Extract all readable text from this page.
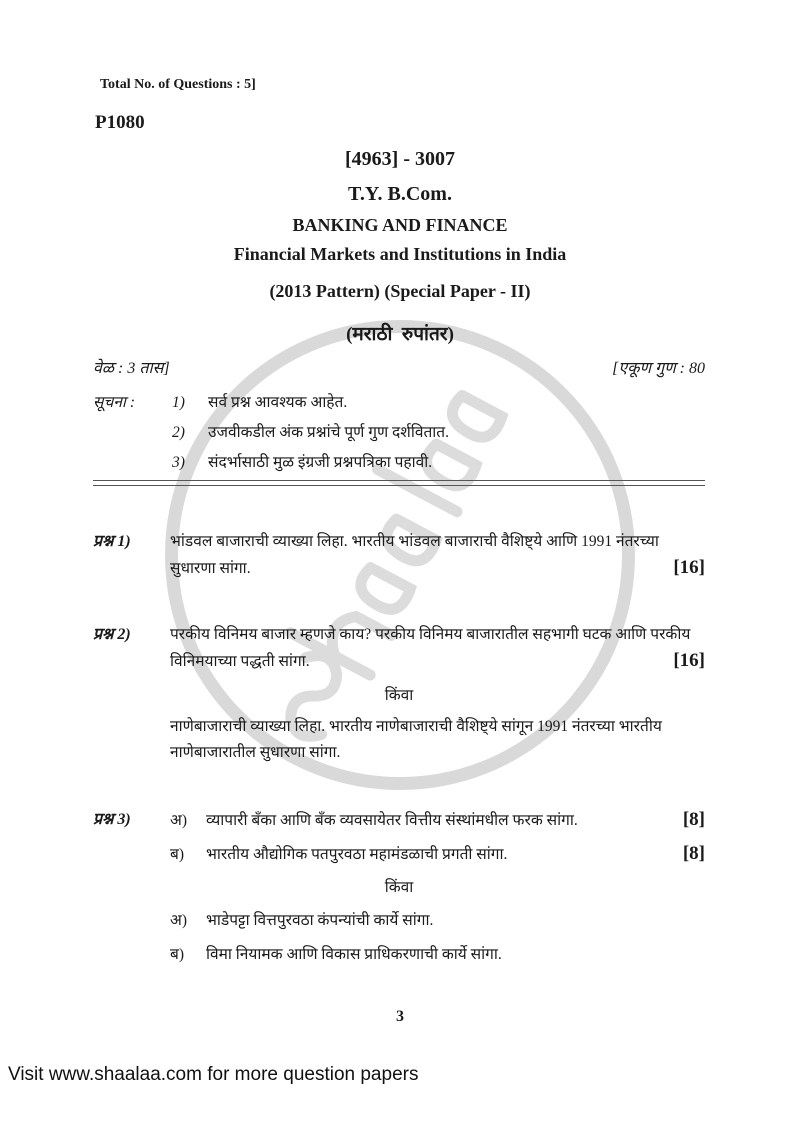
Total No. of Questions : 5]
P1080
[4963] - 3007
T.Y. B.Com.
BANKING AND FINANCE
Financial Markets and Institutions in India
(2013 Pattern) (Special Paper - II)
(मराठी  रुपांतर)
वेळ : 3 तास]	[एकूण गुण : 80
सूचना :	1)	सर्व प्रश्न आवश्यक आहेत.
2)	उजवीकडील अंक प्रश्नांचे पूर्ण गुण दर्शवितात.
3)	संदर्भासाठी मुळ इंग्रजी प्रश्नपत्रिका पहावी.
प्रश्न 1)	भांडवल बाजाराची व्याख्या लिहा. भारतीय भांडवल बाजाराची वैशिष्ट्ये आणि 1991 नंतरच्या
सुधारणा सांगा.	[16]
प्रश्न 2)	परकीय विनिमय बाजार म्हणजे काय? परकीय विनिमय बाजारातील सहभागी घटक आणि परकीय
विनिमयाच्या पद्धती सांगा.	[16]
किंवा
नाणेबाजाराची व्याख्या लिहा. भारतीय नाणेबाजाराची वैशिष्ट्ये सांगून 1991 नंतरच्या भारतीय
नाणेबाजारातील सुधारणा सांगा.
प्रश्न 3)	अ)	व्यापारी बँका आणि बँक व्यवसायेतर वित्तीय संस्थांमधील फरक सांगा.	[8]
ब)	भारतीय औद्योगिक पतपुरवठा महामंडळाची प्रगती सांगा.	[8]
किंवा
अ)	भाडेपट्टा वित्तपुरवठा कंपन्यांची कार्ये सांगा.
ब)	विमा नियामक आणि विकास प्राधिकरणाची कार्ये सांगा.
3
Visit www.shaalaa.com for more question papers
